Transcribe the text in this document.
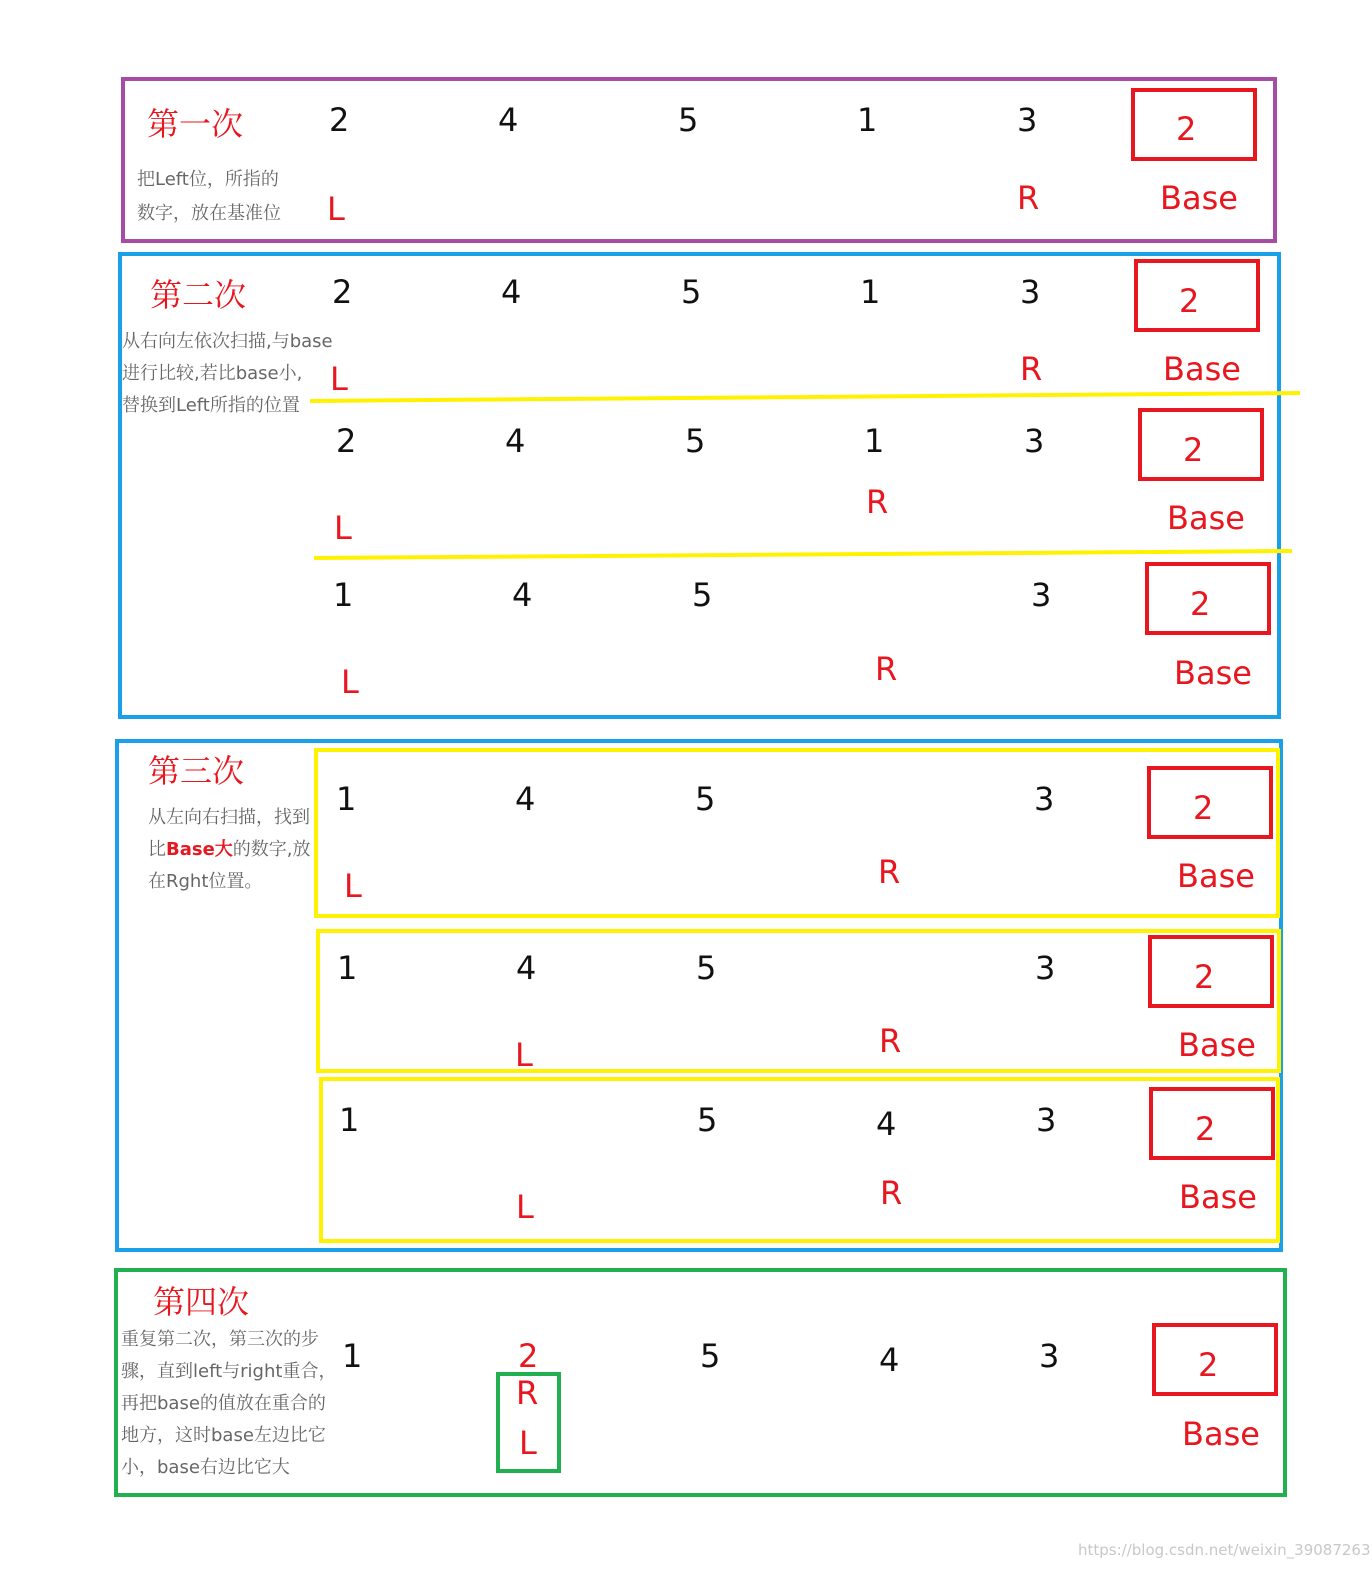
第一次
把Left位，所指的
数字，放在基准位
2	4	5	1	3
L	R
2
Base
第二次
从右向左依次扫描,与base
进行比较,若比base小,
替换到Left所指的位置
2	4	5	1	3
L	R
2
Base
2	4	5	1	3
L
R
2
Base
1	4	5	3
L	R
2
Base
第三次
从左向右扫描，找到
比Base大的数字,放
在Rght位置。
1	4	5	3
L	R
2
Base
1	4	5	3
L	R
2
Base
1	5	4	3
L	R
2
Base
第四次
重复第二次，第三次的步
骤，直到left与right重合，
再把base的值放在重合的
地方，这时base左边比它
小，base右边比它大
1	2	5	4	3
R
L
2
Base
https://blog.csdn.net/weixin_39087263
